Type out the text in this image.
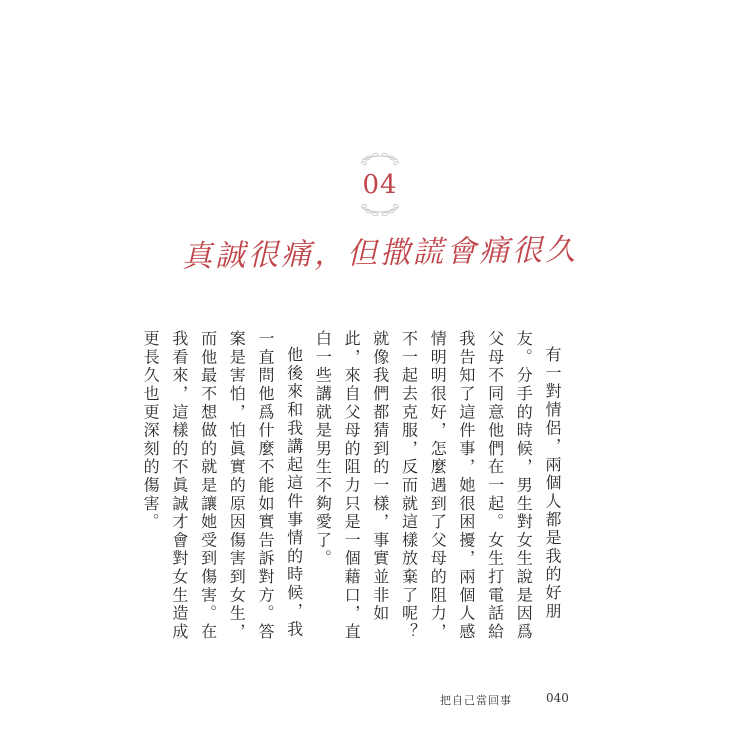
04
真誠很痛，但撒謊會痛很久

有一對情侶，兩個人都是我的好朋友。分手的時候，男生對女生說是因爲父母不同意他們在一起。女生打電話給我告知了這件事，她很困擾，兩個人感情明明很好，怎麼遇到了父母的阻力，不一起去克服，反而就這樣放棄了呢？就像我們都猜到的一樣，事實並非如此，來自父母的阻力只是一個藉口，直白一些講就是男生不夠愛了。

他後來和我講起這件事情的時候，我一直問他爲什麼不能如實告訴對方。答案是害怕，怕眞實的原因傷害到女生，而他最不想做的就是讓她受到傷害。在我看來，這樣的不眞誠才會對女生造成更長久也更深刻的傷害。

把自己當回事	040
